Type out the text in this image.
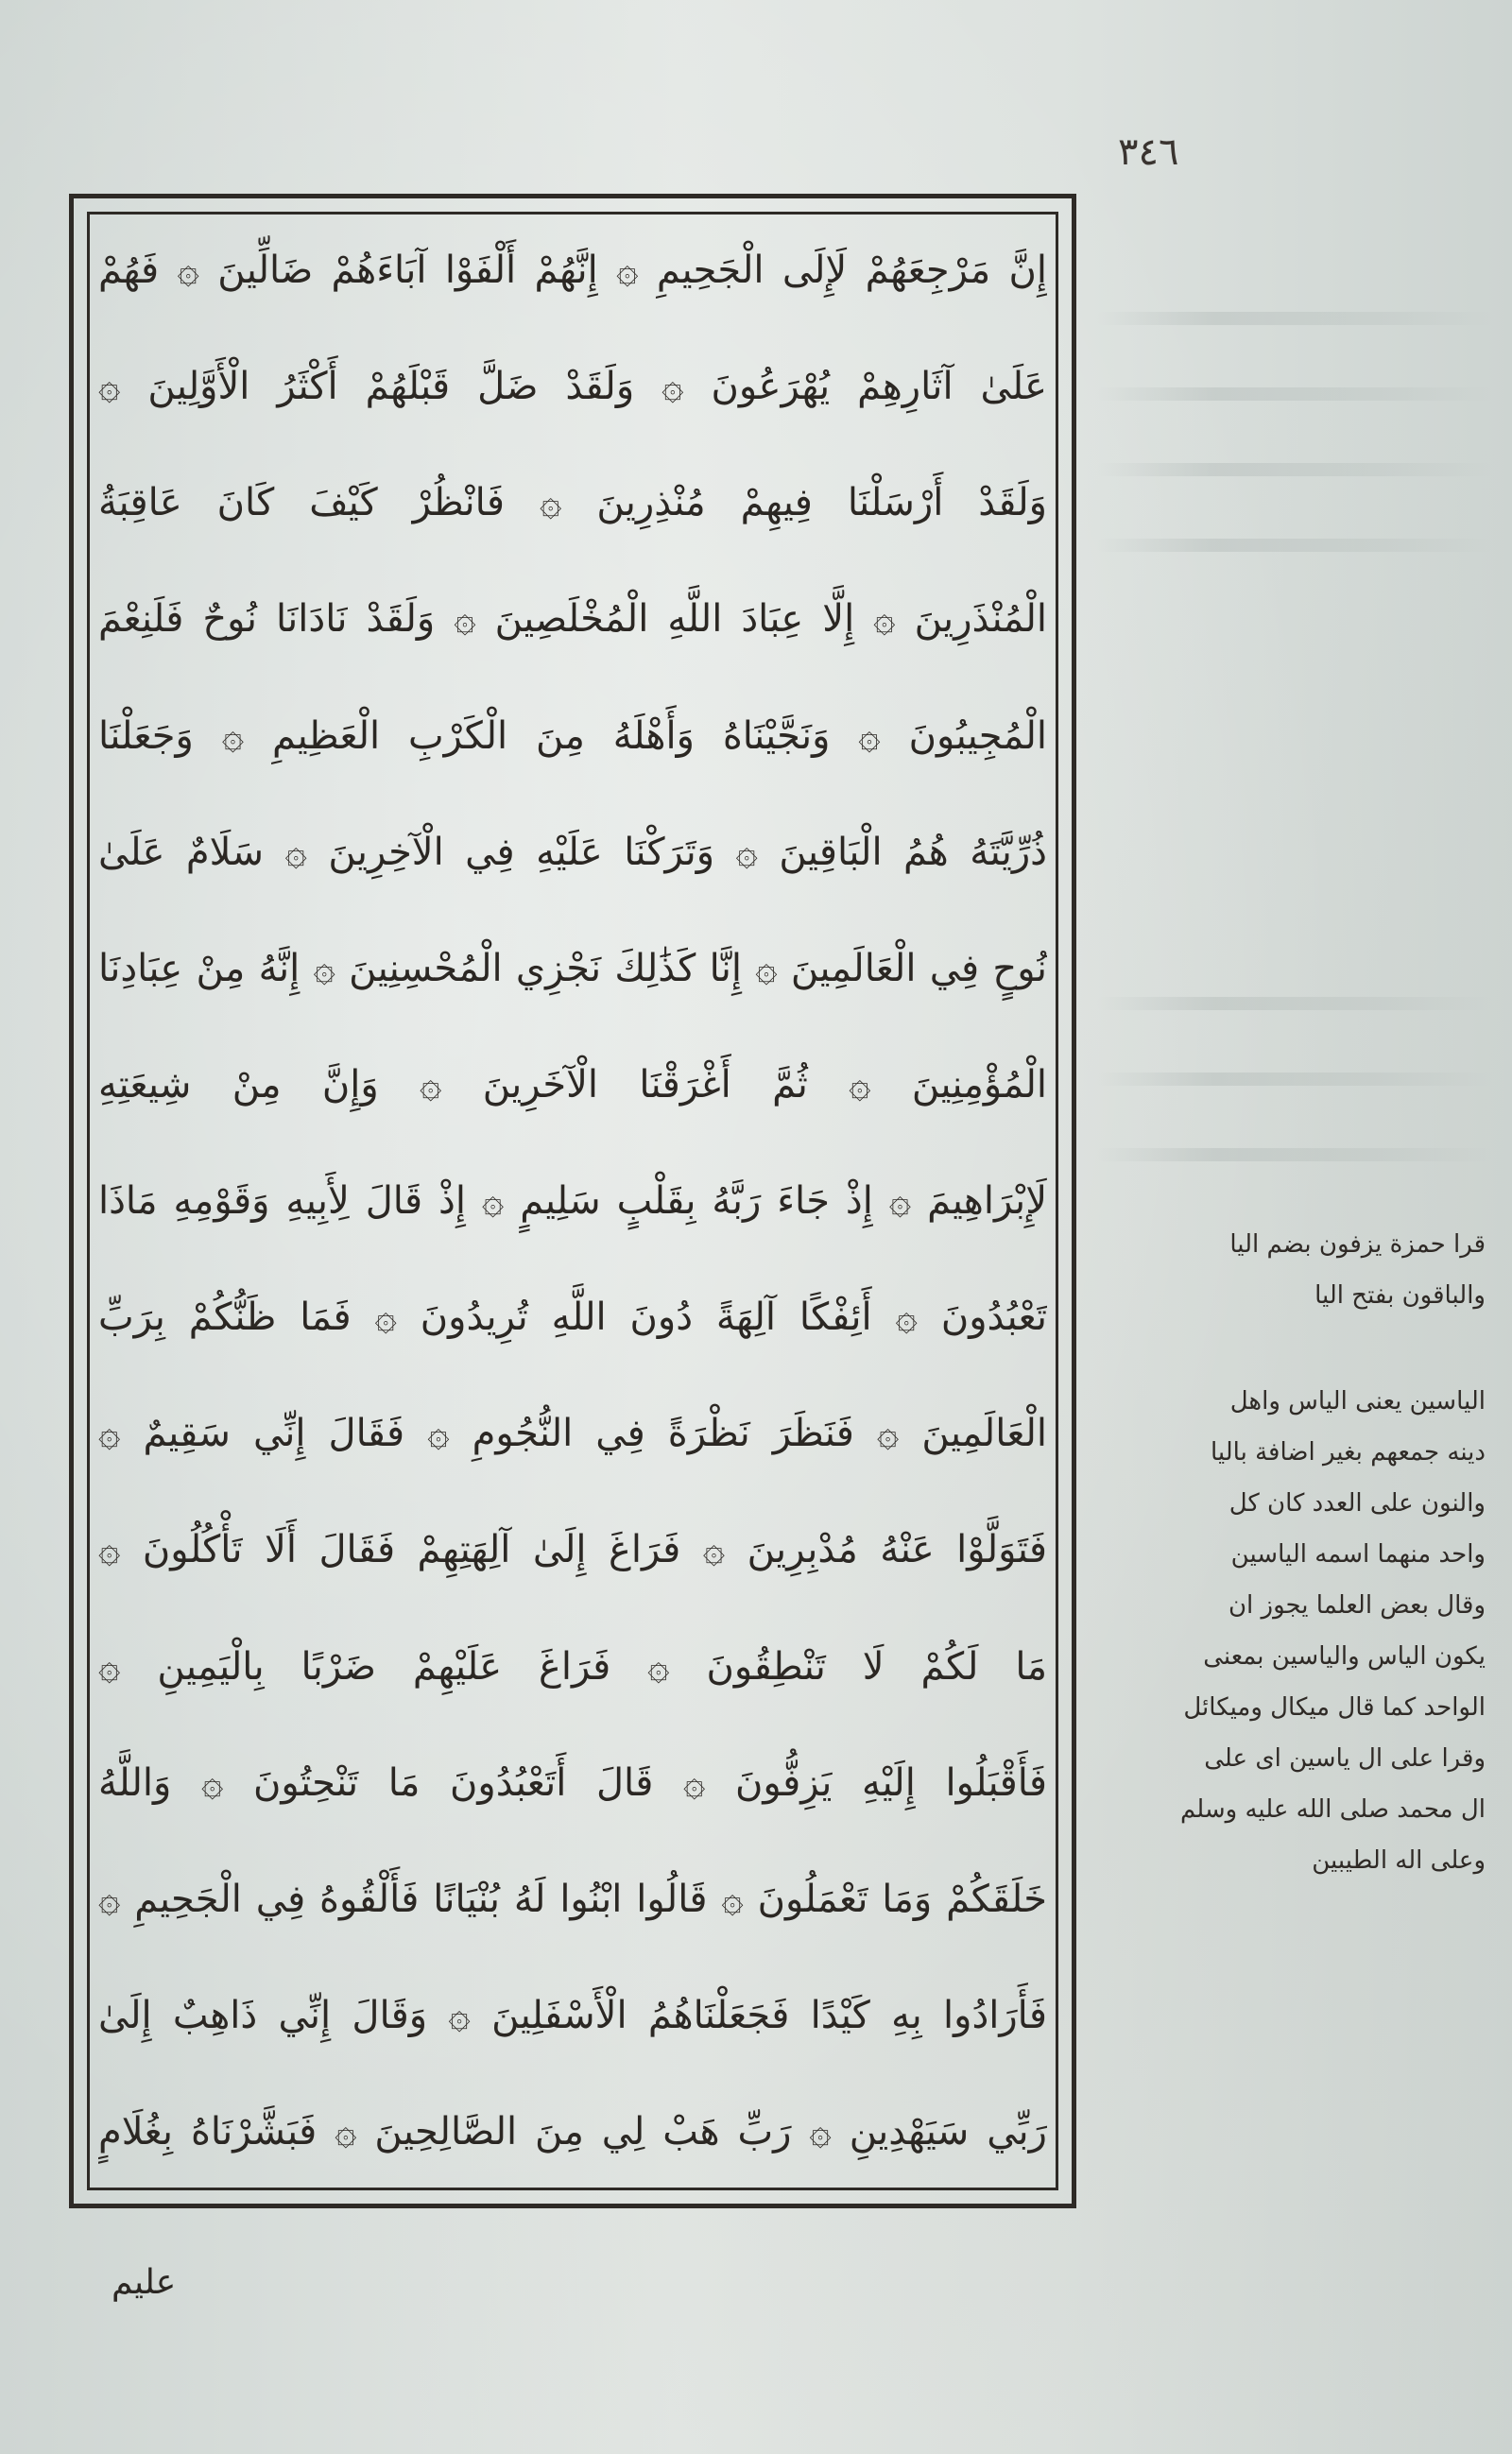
٣٤٦
إِنَّ مَرْجِعَهُمْ لَإِلَى الْجَحِيمِ ۞ إِنَّهُمْ أَلْفَوْا آبَاءَهُمْ ضَالِّينَ ۞ فَهُمْ
عَلَىٰ آثَارِهِمْ يُهْرَعُونَ ۞ وَلَقَدْ ضَلَّ قَبْلَهُمْ أَكْثَرُ الْأَوَّلِينَ ۞
وَلَقَدْ أَرْسَلْنَا فِيهِمْ مُنْذِرِينَ ۞ فَانْظُرْ كَيْفَ كَانَ عَاقِبَةُ
الْمُنْذَرِينَ ۞ إِلَّا عِبَادَ اللَّهِ الْمُخْلَصِينَ ۞ وَلَقَدْ نَادَانَا نُوحٌ فَلَنِعْمَ
الْمُجِيبُونَ ۞ وَنَجَّيْنَاهُ وَأَهْلَهُ مِنَ الْكَرْبِ الْعَظِيمِ ۞ وَجَعَلْنَا
ذُرِّيَّتَهُ هُمُ الْبَاقِينَ ۞ وَتَرَكْنَا عَلَيْهِ فِي الْآخِرِينَ ۞ سَلَامٌ عَلَىٰ
نُوحٍ فِي الْعَالَمِينَ ۞ إِنَّا كَذَٰلِكَ نَجْزِي الْمُحْسِنِينَ ۞ إِنَّهُ مِنْ عِبَادِنَا
الْمُؤْمِنِينَ ۞ ثُمَّ أَغْرَقْنَا الْآخَرِينَ ۞ وَإِنَّ مِنْ شِيعَتِهِ
لَإِبْرَاهِيمَ ۞ إِذْ جَاءَ رَبَّهُ بِقَلْبٍ سَلِيمٍ ۞ إِذْ قَالَ لِأَبِيهِ وَقَوْمِهِ مَاذَا
تَعْبُدُونَ ۞ أَئِفْكًا آلِهَةً دُونَ اللَّهِ تُرِيدُونَ ۞ فَمَا ظَنُّكُمْ بِرَبِّ
الْعَالَمِينَ ۞ فَنَظَرَ نَظْرَةً فِي النُّجُومِ ۞ فَقَالَ إِنِّي سَقِيمٌ ۞
فَتَوَلَّوْا عَنْهُ مُدْبِرِينَ ۞ فَرَاغَ إِلَىٰ آلِهَتِهِمْ فَقَالَ أَلَا تَأْكُلُونَ ۞
مَا لَكُمْ لَا تَنْطِقُونَ ۞ فَرَاغَ عَلَيْهِمْ ضَرْبًا بِالْيَمِينِ ۞
فَأَقْبَلُوا إِلَيْهِ يَزِفُّونَ ۞ قَالَ أَتَعْبُدُونَ مَا تَنْحِتُونَ ۞ وَاللَّهُ
خَلَقَكُمْ وَمَا تَعْمَلُونَ ۞ قَالُوا ابْنُوا لَهُ بُنْيَانًا فَأَلْقُوهُ فِي الْجَحِيمِ ۞
فَأَرَادُوا بِهِ كَيْدًا فَجَعَلْنَاهُمُ الْأَسْفَلِينَ ۞ وَقَالَ إِنِّي ذَاهِبٌ إِلَىٰ
رَبِّي سَيَهْدِينِ ۞ رَبِّ هَبْ لِي مِنَ الصَّالِحِينَ ۞ فَبَشَّرْنَاهُ بِغُلَامٍ
قرا حمزة يزفون بضم اليا
والباقون بفتح اليا
الياسين يعنى الياس واهل
دينه جمعهم بغير اضافة باليا
والنون على العدد كان كل
واحد منهما اسمه الياسين
وقال بعض العلما يجوز ان
يكون الياس والياسين بمعنى
الواحد كما قال ميكال وميكائل
وقرا على ال ياسين اى على
ال محمد صلى الله عليه وسلم
وعلى اله الطيبين
عليم
